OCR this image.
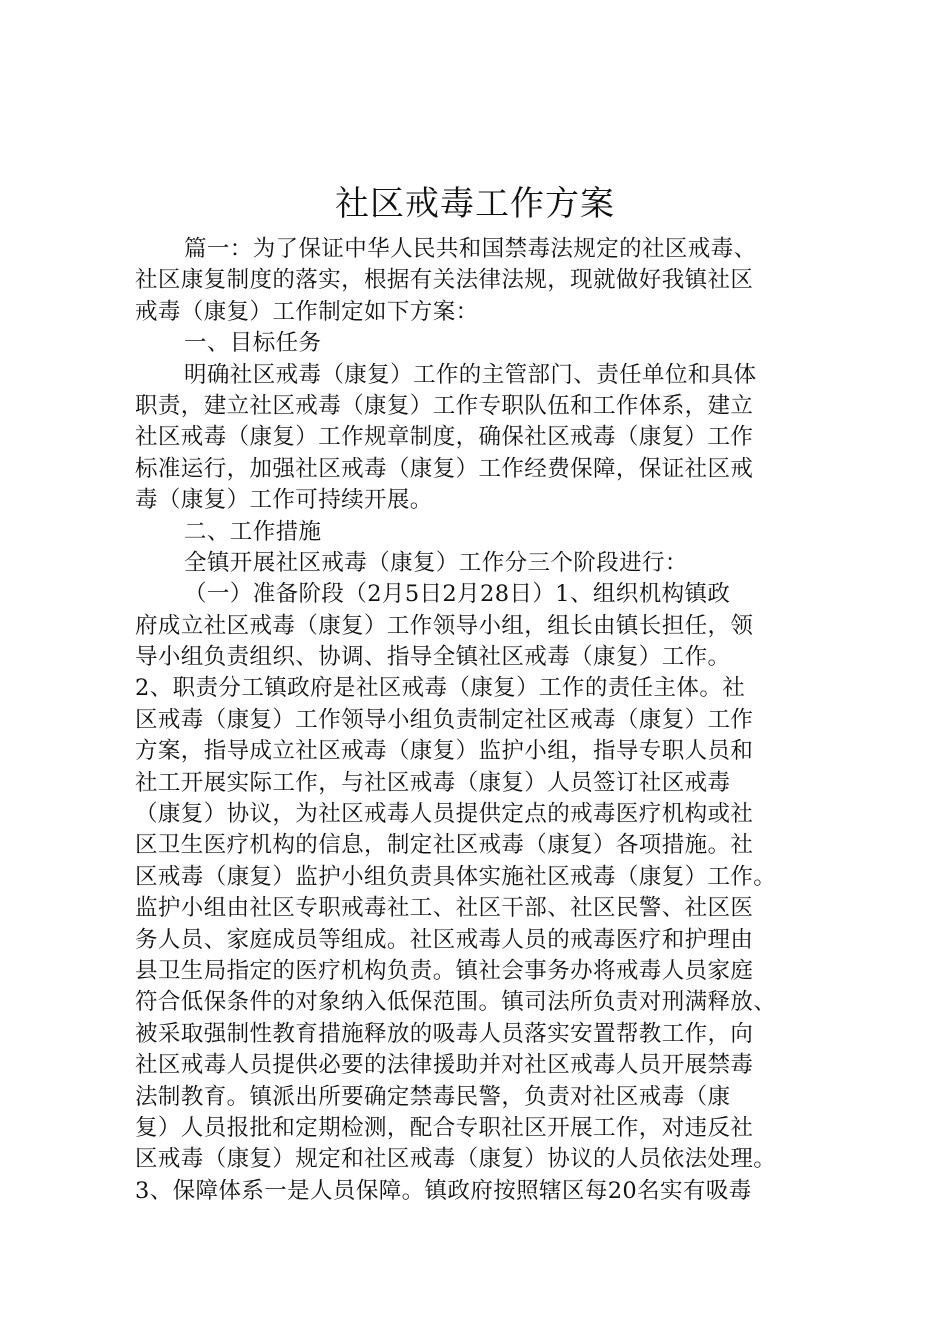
社区戒毒工作方案
篇一：为了保证中华人民共和国禁毒法规定的社区戒毒、
社区康复制度的落实，根据有关法律法规，现就做好我镇社区
戒毒（康复）工作制定如下方案：
一、目标任务
明确社区戒毒（康复）工作的主管部门、责任单位和具体
职责，建立社区戒毒（康复）工作专职队伍和工作体系，建立
社区戒毒（康复）工作规章制度，确保社区戒毒（康复）工作
标准运行，加强社区戒毒（康复）工作经费保障，保证社区戒
毒（康复）工作可持续开展。
二、工作措施
全镇开展社区戒毒（康复）工作分三个阶段进行：
（一）准备阶段（2月5日2月28日）1、组织机构镇政
府成立社区戒毒（康复）工作领导小组，组长由镇长担任，领
导小组负责组织、协调、指导全镇社区戒毒（康复）工作。
2、职责分工镇政府是社区戒毒（康复）工作的责任主体。社
区戒毒（康复）工作领导小组负责制定社区戒毒（康复）工作
方案，指导成立社区戒毒（康复）监护小组，指导专职人员和
社工开展实际工作，与社区戒毒（康复）人员签订社区戒毒
（康复）协议，为社区戒毒人员提供定点的戒毒医疗机构或社
区卫生医疗机构的信息，制定社区戒毒（康复）各项措施。社
区戒毒（康复）监护小组负责具体实施社区戒毒（康复）工作。
监护小组由社区专职戒毒社工、社区干部、社区民警、社区医
务人员、家庭成员等组成。社区戒毒人员的戒毒医疗和护理由
县卫生局指定的医疗机构负责。镇社会事务办将戒毒人员家庭
符合低保条件的对象纳入低保范围。镇司法所负责对刑满释放、
被采取强制性教育措施释放的吸毒人员落实安置帮教工作，向
社区戒毒人员提供必要的法律援助并对社区戒毒人员开展禁毒
法制教育。镇派出所要确定禁毒民警，负责对社区戒毒（康
复）人员报批和定期检测，配合专职社区开展工作，对违反社
区戒毒（康复）规定和社区戒毒（康复）协议的人员依法处理。
3、保障体系一是人员保障。镇政府按照辖区每20名实有吸毒
